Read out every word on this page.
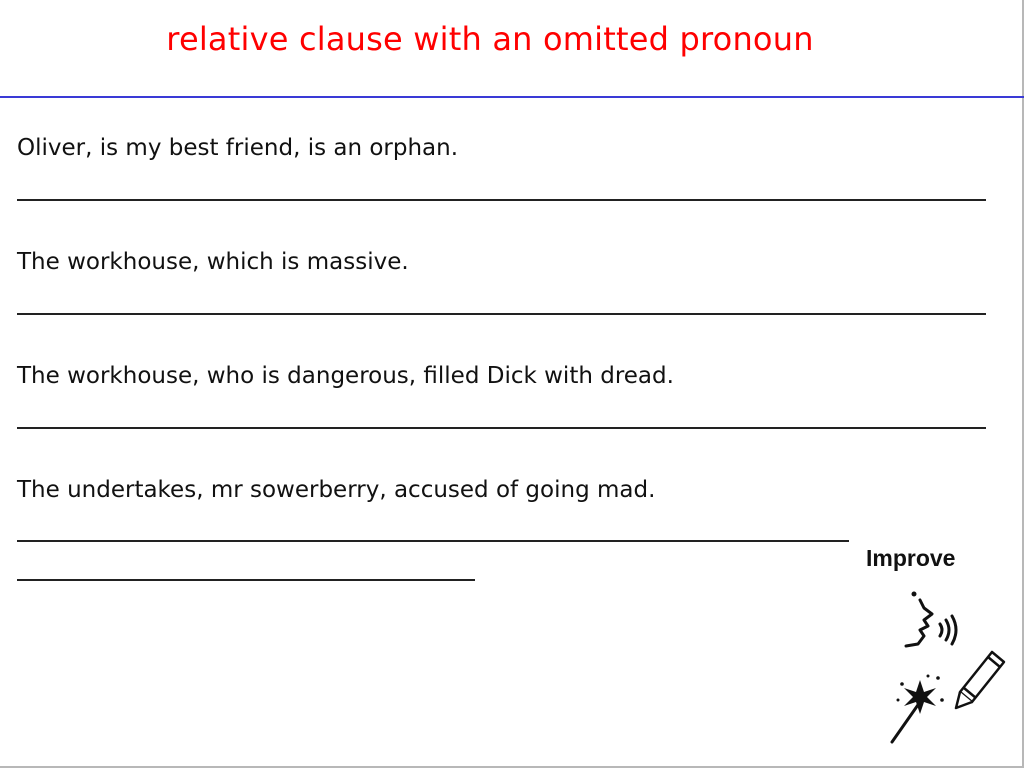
relative clause with an omitted pronoun
Oliver, is my best friend, is an orphan.
The workhouse, which is massive.
The workhouse, who is dangerous, filled Dick with dread.
The undertakes, mr sowerberry, accused of going mad.
Improve
